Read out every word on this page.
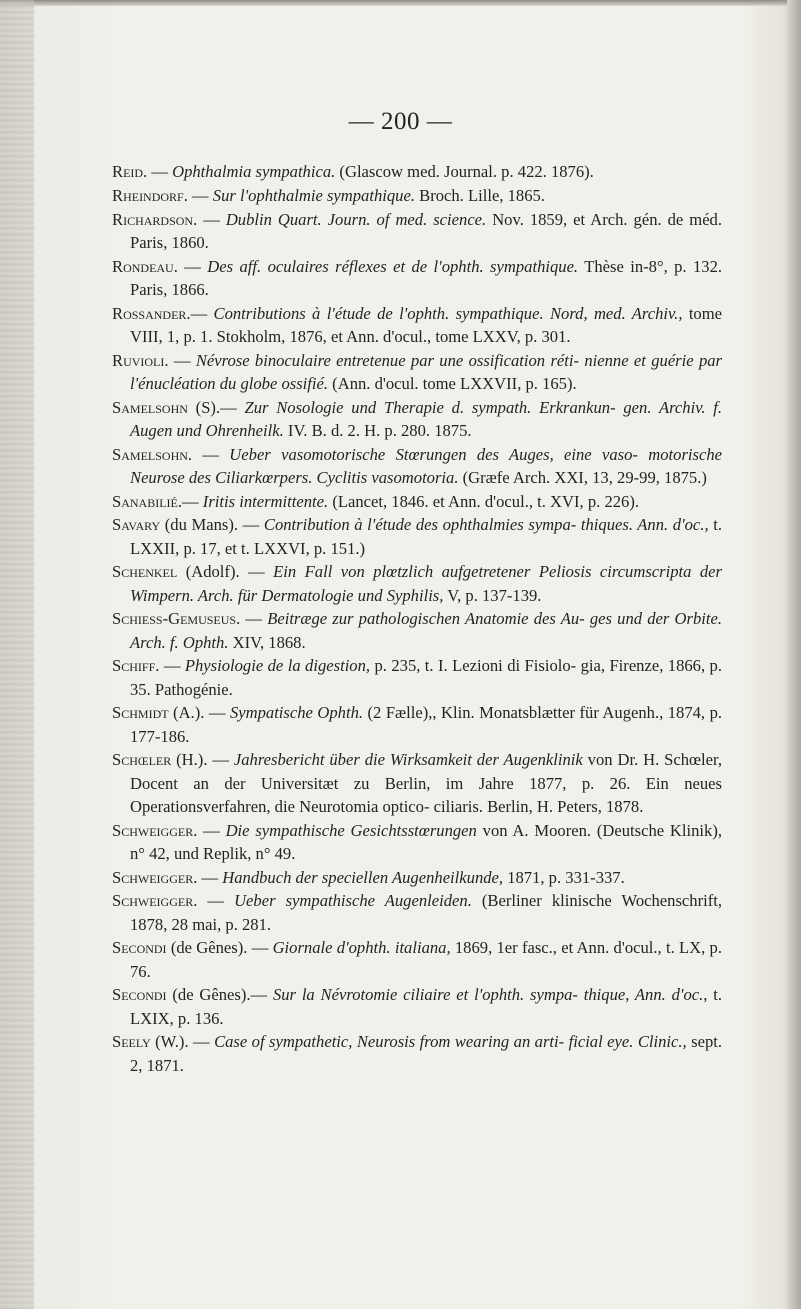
— 200 —

Reid. — Ophthalmia sympathica. (Glascow med. Journal. p. 422. 1876).

Rheindorf. — Sur l'ophthalmie sympathique. Broch. Lille, 1865.

Richardson. — Dublin Quart. Journ. of med. science. Nov. 1859, et Arch. gén. de méd. Paris, 1860.

Rondeau. — Des aff. oculaires réflexes et de l'ophth. sympathique. Thèse in-8°, p. 132. Paris, 1866.

Rossander.— Contributions à l'étude de l'ophth. sympathique. Nord, med. Archiv., tome VIII, 1, p. 1. Stokholm, 1876, et Ann. d'ocul., tome LXXV, p. 301.

Ruvioli. — Névrose binoculaire entretenue par une ossification réti- nienne et guérie par l'énucléation du globe ossifié. (Ann. d'ocul. tome LXXVII, p. 165).

Samelsohn (S).— Zur Nosologie und Therapie d. sympath. Erkrankun- gen. Archiv. f. Augen und Ohrenheilk. IV. B. d. 2. H. p. 280. 1875.

Samelsohn. — Ueber vasomotorische Stœrungen des Auges, eine vaso- motorische Neurose des Ciliarkœrpers. Cyclitis vasomotoria. (Græfe Arch. XXI, 13, 29-99, 1875.)

Sanabilié.— Iritis intermittente. (Lancet, 1846. et Ann. d'ocul., t. XVI, p. 226).

Savary (du Mans). — Contribution à l'étude des ophthalmies sympa- thiques. Ann. d'oc., t. LXXII, p. 17, et t. LXXVI, p. 151.)

Schenkel (Adolf). — Ein Fall von plœtzlich aufgetretener Peliosis circumscripta der Wimpern. Arch. für Dermatologie und Syphilis, V, p. 137-139.

Schiess-Gemuseus. — Beitræge zur pathologischen Anatomie des Au- ges und der Orbite. Arch. f. Ophth. XIV, 1868.

Schiff. — Physiologie de la digestion, p. 235, t. I. Lezioni di Fisiolo- gia, Firenze, 1866, p. 35. Pathogénie.

Schmidt (A.). — Sympatische Ophth. (2 Fælle),, Klin. Monatsblætter für Augenh., 1874, p. 177-186.

Schœler (H.). — Jahresbericht über die Wirksamkeit der Augenklinik von Dr. H. Schœler, Docent an der Universitæt zu Berlin, im Jahre 1877, p. 26. Ein neues Operationsverfahren, die Neurotomia optico- ciliaris. Berlin, H. Peters, 1878.

Schweigger. — Die sympathische Gesichtsstœrungen von A. Mooren. (Deutsche Klinik), n° 42, und Replik, n° 49.

Schweigger. — Handbuch der speciellen Augenheilkunde, 1871, p. 331-337.

Schweigger. — Ueber sympathische Augenleiden. (Berliner klinische Wochenschrift, 1878, 28 mai, p. 281.

Secondi (de Gênes). — Giornale d'ophth. italiana, 1869, 1er fasc., et Ann. d'ocul., t. LX, p. 76.

Secondi (de Gênes).— Sur la Névrotomie ciliaire et l'ophth. sympa- thique, Ann. d'oc., t. LXIX, p. 136.

Seely (W.). — Case of sympathetic, Neurosis from wearing an arti- ficial eye. Clinic., sept. 2, 1871.
